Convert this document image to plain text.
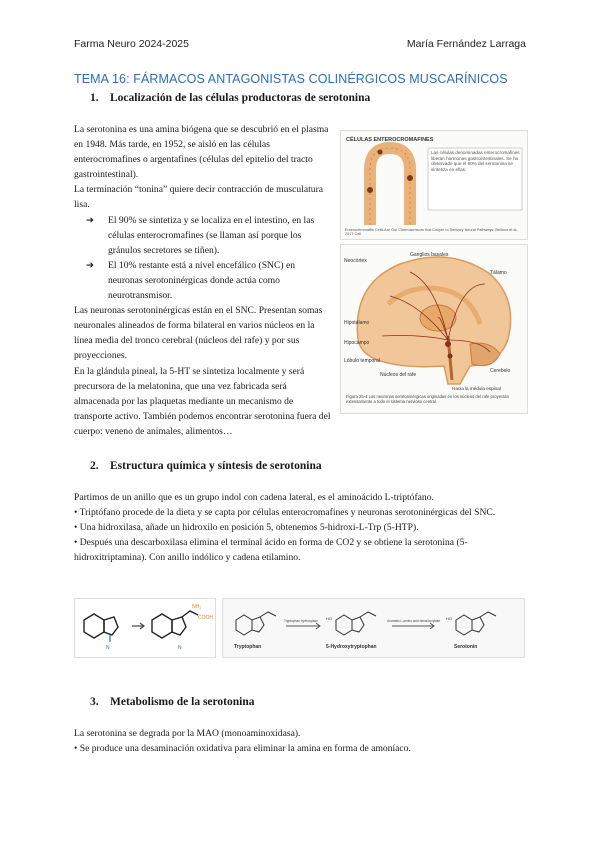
Farma Neuro 2024-2025	María Fernández Larraga
TEMA 16: FÁRMACOS ANTAGONISTAS COLINÉRGICOS MUSCARÍNICOS
1. Localización de las células productoras de serotonina
La serotonina es una amina biógena que se descubrió en el plasma en 1948. Más tarde, en 1952, se aisló en las células enterocromafines o argentafines (células del epitelio del tracto gastrointestinal).
La terminación “tonina” quiere decir contracción de musculatura lisa.
➔ El 90% se sintetiza y se localiza en el intestino, en las células enterocromafines (se llaman así porque los gránulos secretores se tiñen).
➔ El 10% restante está a nivel encefálico (SNC) en neuronas serotoninérgicas donde actúa como neurotransmisor.
Las neuronas serotoninérgicas están en el SNC. Presentan somas neuronales alineados de forma bilateral en varios núcleos en la línea media del tronco cerebral (núcleos del rafe) y por sus proyecciones.
En la glándula pineal, la 5-HT se sintetiza localmente y será precursora de la melatonina, que una vez fabricada será almacenada por las plaquetas mediante un mecanismo de transporte activo. También podemos encontrar serotonina fuera del cuerpo: veneno de animales, alimentos…
CÉLULAS ENTEROCROMAFINES
Las células denominadas enterocromafines liberan hormonas gastrointestinales. Se ha observado que el 90% del serotonina se sintetiza en ellas.
Enterochromaffin Cells Are Gut Chemosensors that Couple to Sensory Neural Pathways. Bellono et al., 2017 Cell
Neocórtex
Ganglios basales
Tálamo
Hipotálamo
Hipocampo
Lóbulo temporal
Núcleos del rafe
Cerebelo
Hacia la médula espinal
Figura 25-4 Las neuronas serotoninérgicas originadas en los núcleos del rafe proyectan extensamente a todo el sistema nervioso central.
2. Estructura química y síntesis de serotonina
Partimos de un anillo que es un grupo indol con cadena lateral, es el aminoácido L-triptófano.
• Triptófano procede de la dieta y se capta por células enterocromafines y neuronas serotoninérgicas del SNC.
• Una hidroxilasa, añade un hidroxilo en posición 5, obtenemos 5-hidroxi-L-Trp (5-HTP).
• Después una descarboxilasa elimina el terminal ácido en forma de CO2 y se obtiene la serotonina (5-hidroxitriptamina). Con anillo indólico y cadena etilamino.
N	N
NH₂
COOH	HO	HO
Tryptophan hydroxylase	Aromatic L-amino acid decarboxylase
Tryptophan	5-Hydroxytryptophan	Serotonin
3. Metabolismo de la serotonina
La serotonina se degrada por la MAO (monoaminoxidasa).
• Se produce una desaminación oxidativa para eliminar la amina en forma de amoníaco.
